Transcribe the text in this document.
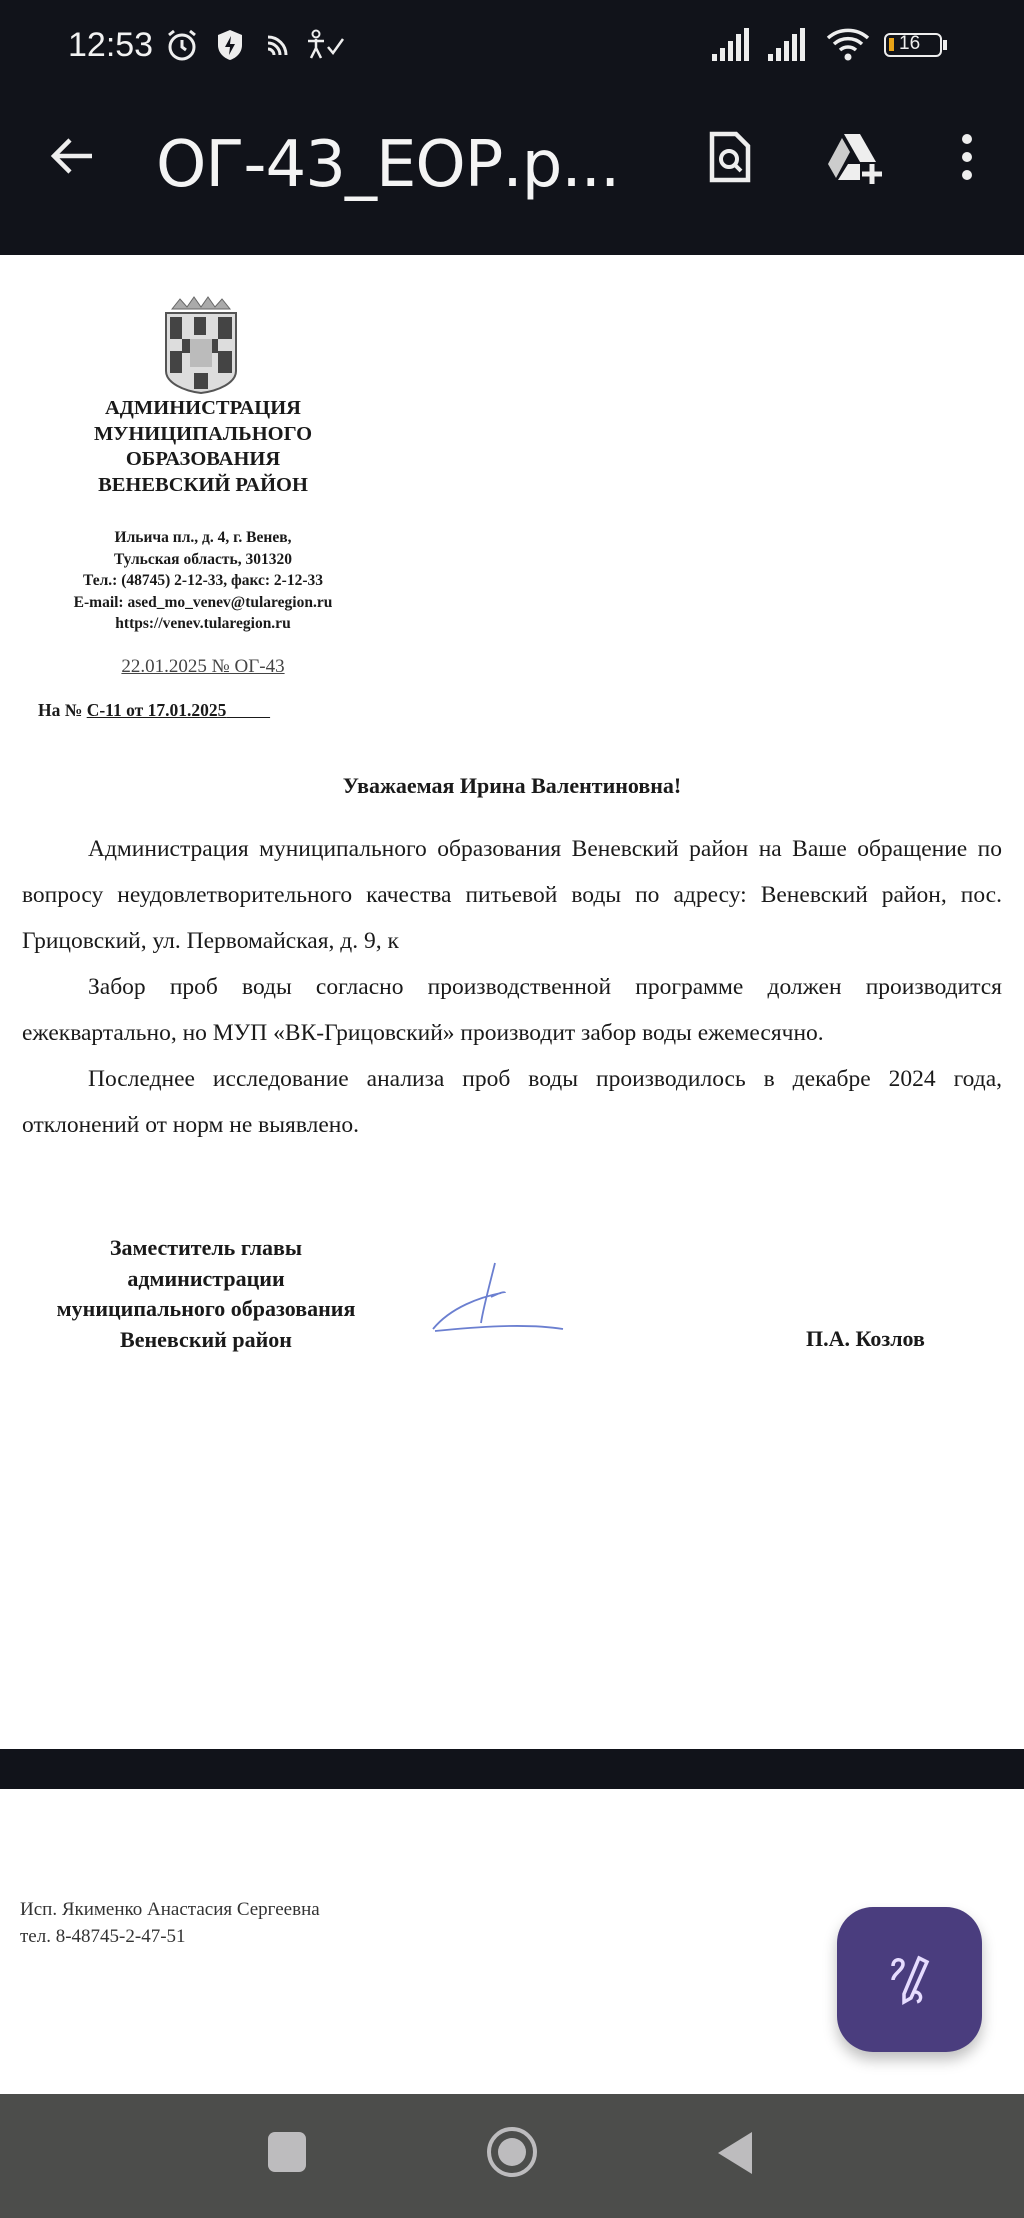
12:53	16
ОГ-43_ЕОР.р...
АДМИНИСТРАЦИЯ
МУНИЦИПАЛЬНОГО
ОБРАЗОВАНИЯ
ВЕНЕВСКИЙ РАЙОН
Ильича пл., д. 4, г. Венев,
Тульская область, 301320
Тел.: (48745) 2-12-33, факс: 2-12-33
E-mail: ased_mo_venev@tularegion.ru
https://venev.tularegion.ru
22.01.2025 № ОГ-43
На № С-11 от 17.01.2025
Уважаемая Ирина Валентиновна!

Администрация муниципального образования Веневский район на Ваше обращение по вопросу неудовлетворительного качества питьевой воды по адресу: Веневский район, пос. Грицовский, ул. Первомайская, д. 9, к

Забор проб воды согласно производственной программе должен производится ежеквартально, но МУП «ВК-Грицовский» производит забор воды ежемесячно.

Последнее исследование анализа проб воды производилось в декабре 2024 года, отклонений от норм не выявлено.

Заместитель главы
администрации
муниципального образования
Веневский район	П.А. Козлов
Исп. Якименко Анастасия Сергеевна
тел. 8-48745-2-47-51
